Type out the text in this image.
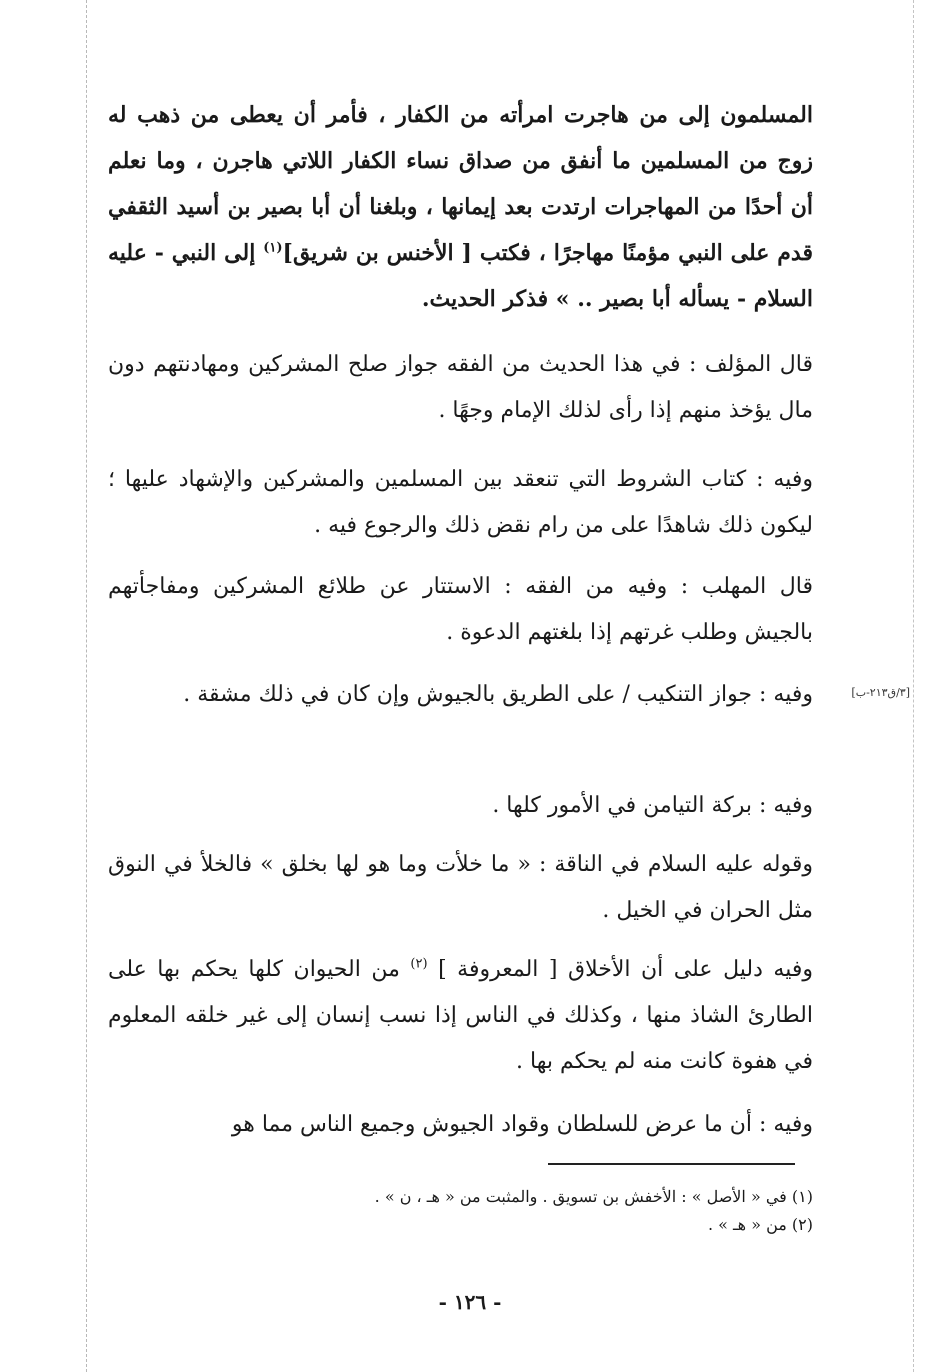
المسلمون إلى من هاجرت امرأته من الكفار ، فأمر أن يعطى من ذهب له زوج من المسلمين ما أنفق من صداق نساء الكفار اللاتي هاجرن ، وما نعلم أن أحدًا من المهاجرات ارتدت بعد إيمانها ، وبلغنا أن أبا بصير بن أسيد الثقفي قدم على النبي مؤمنًا مهاجرًا ، فكتب [ الأخنس بن شريق]$^{(١)}$ إلى النبي - عليه السلام - يسأله أبا بصير .. » فذكر الحديث.

قال المؤلف : في هذا الحديث من الفقه جواز صلح المشركين ومهادنتهم دون مال يؤخذ منهم إذا رأى لذلك الإمام وجهًا .

وفيه : كتاب الشروط التي تنعقد بين المسلمين والمشركين والإشهاد عليها ؛ ليكون ذلك شاهدًا على من رام نقض ذلك والرجوع فيه .

قال المهلب : وفيه من الفقه : الاستتار عن طلائع المشركين ومفاجأتهم بالجيش وطلب غرتهم إذا بلغتهم الدعوة .

[٣/ق٢١٣-ب]

وفيه : جواز التنكيب / على الطريق بالجيوش وإن كان في ذلك مشقة .

وفيه : بركة التيامن في الأمور كلها .

وقوله عليه السلام في الناقة : « ما خلأت وما هو لها بخلق » فالخلأ في النوق مثل الحران في الخيل .

وفيه دليل على أن الأخلاق [ المعروفة ] $^{(٢)}$ من الحيوان كلها يحكم بها على الطارئ الشاذ منها ، وكذلك في الناس إذا نسب إنسان إلى غير خلقه المعلوم في هفوة كانت منه لم يحكم بها .

وفيه : أن ما عرض للسلطان وقواد الجيوش وجميع الناس مما هو

(١) في « الأصل » : الأخفش بن تسويق . والمثبت من « هـ ، ن » .
(٢) من « هـ » .
- ١٢٦ -
